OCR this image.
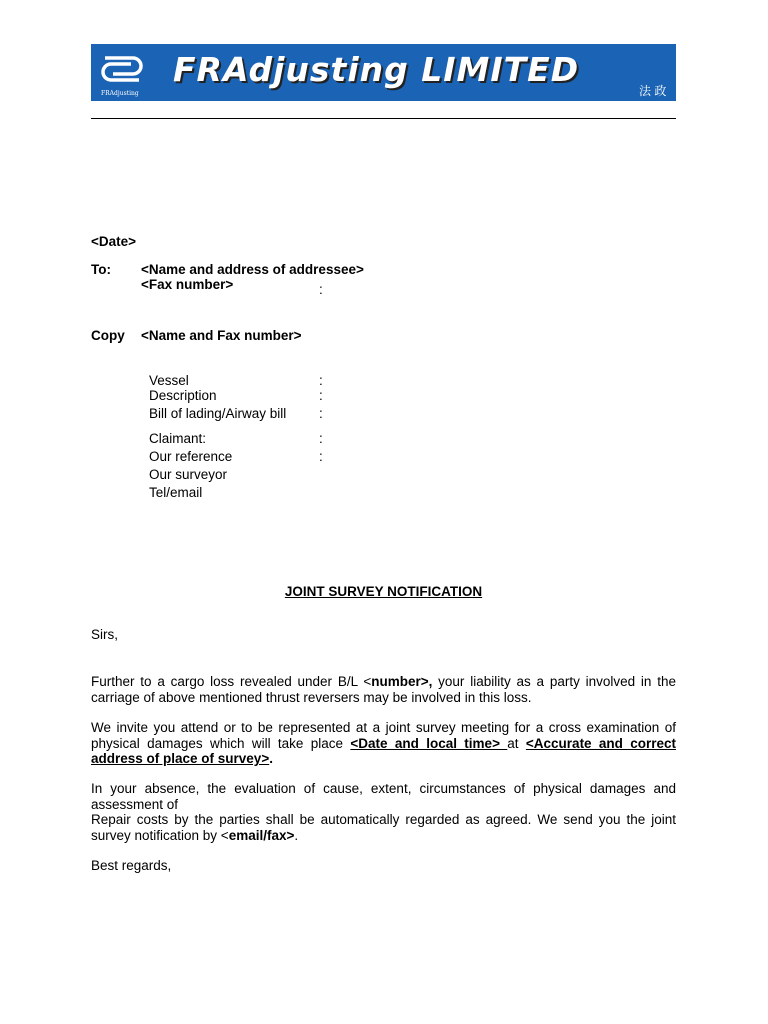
FRAdjusting
FRAdjusting LIMITED
法 政
<Date>
To: <Name and address of addressee>
<Fax number>	:
Copy <Name and Fax number>
Vessel	:
Description	:
Bill of lading/Airway bill :
Claimant:	:
Our reference	:
Our surveyor
Tel/email
JOINT SURVEY NOTIFICATION
Sirs,
Further to a cargo loss revealed under B/L <number>, your liability as a party involved in the carriage of above mentioned thrust reversers may be involved in this loss.
We invite you attend or to be represented at a joint survey meeting for a cross examination of physical damages which will take place <Date and local time> at <Accurate and correct address of place of survey>.
In your absence, the evaluation of cause, extent, circumstances of physical damages and assessment of
Repair costs by the parties shall be automatically regarded as agreed. We send you the joint survey notification by <email/fax>.
Best regards,
